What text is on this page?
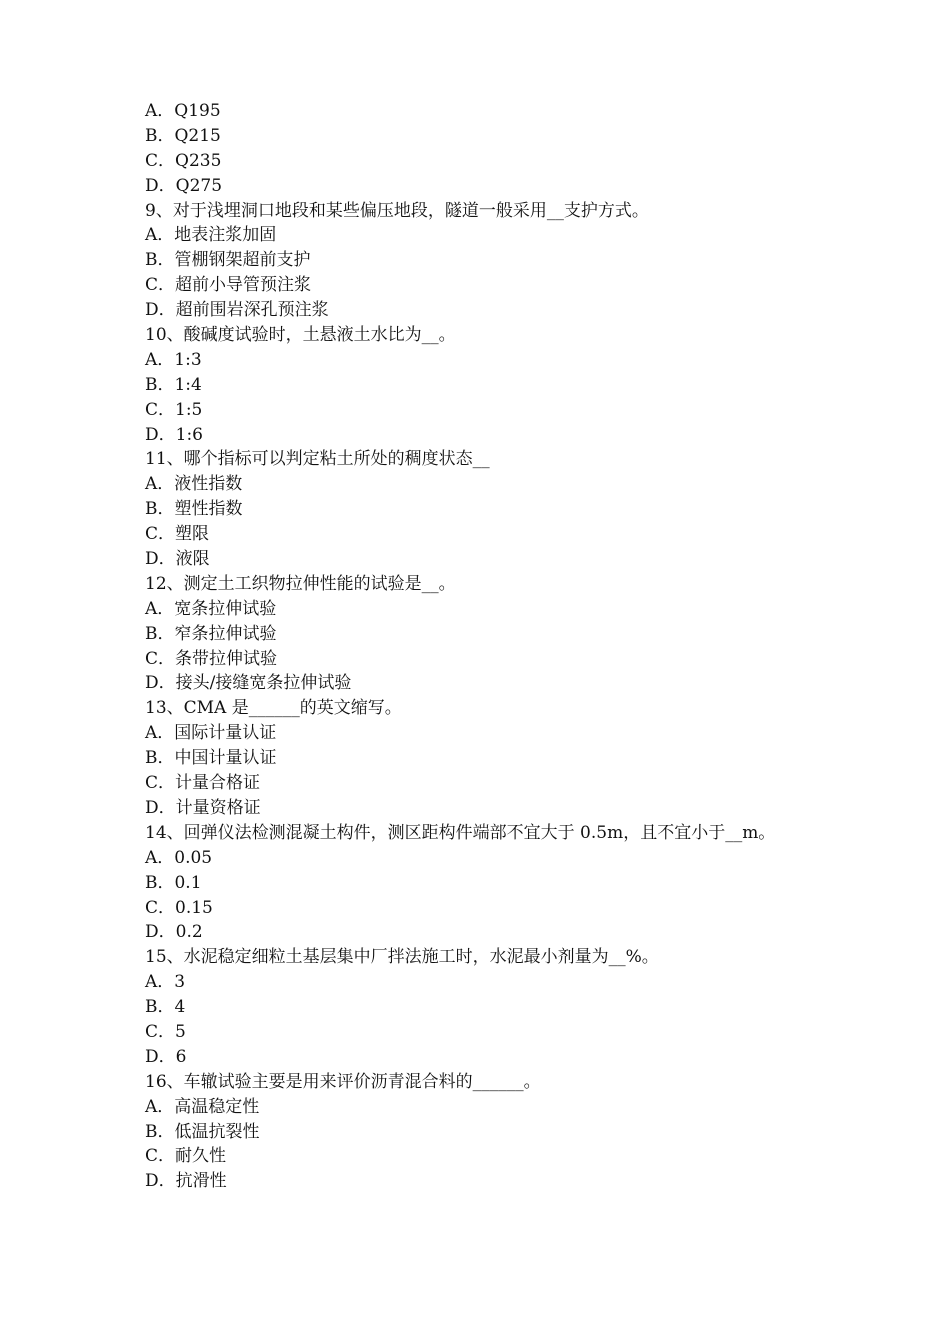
A．Q195
B．Q215
C．Q235
D．Q275
9、对于浅埋洞口地段和某些偏压地段，隧道一般采用__支护方式。
A．地表注浆加固
B．管棚钢架超前支护
C．超前小导管预注浆
D．超前围岩深孔预注浆
10、酸碱度试验时，土悬液土水比为__。
A．1:3
B．1:4
C．1:5
D．1:6
11、哪个指标可以判定粘土所处的稠度状态__
A．液性指数
B．塑性指数
C．塑限
D．液限
12、测定土工织物拉伸性能的试验是__。
A．宽条拉伸试验
B．窄条拉伸试验
C．条带拉伸试验
D．接头/接缝宽条拉伸试验
13、CMA 是______的英文缩写。
A．国际计量认证
B．中国计量认证
C．计量合格证
D．计量资格证
14、回弹仪法检测混凝土构件，测区距构件端部不宜大于 0.5m，且不宜小于__m。
A．0.05
B．0.1
C．0.15
D．0.2
15、水泥稳定细粒土基层集中厂拌法施工时，水泥最小剂量为__%。
A．3
B．4
C．5
D．6
16、车辙试验主要是用来评价沥青混合料的______。
A．高温稳定性
B．低温抗裂性
C．耐久性
D．抗滑性
